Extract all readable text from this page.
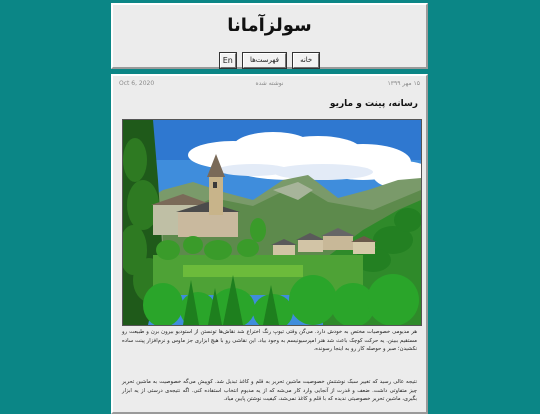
سولزآمانا
En فهرست‌ها	خانه
Oct 6, 2020	نوشته شده	۱۵ مهر ۱۳۹۹
رسانه، پینت و ماریو

هر مدیومی خصوصیات مختص به خودش دارد. می‌گن وقتی تیوپ رنگ اختراع شد نقاش‌ها تونستن از استودیو بیرون برن و طبیعت رو مستقیم ببینن. یه حرکت کوچک باعث شد هنر امپرسیونیسم به وجود بیاد. این نقاشی رو با هیچ ابزاری جز ماوس و نرم‌افزار پینت ساده نکشیدن؛ صبر و حوصله کار رو به اینجا رسونده.

نتیجه عالی رسید که تغییر سبک نوشتنش خصوصیت ماشین تحریر به قلم و کاغذ تبدیل شد. کوپیش می‌گه خصوصیت به ماشین تحریر چیز متفاوتی داشت. ضعف و قدرت از آنجایی وارد کار می‌شه که از یه مدیوم انتخاب استفاده کنی. اگه نتیجه‌ی درستی از یه ابزار بگیری، ماشین تحریر خصوصیتی ندیده که با قلم و کاغذ نمی‌شد، کیفیت نوشتن پایین میاد.
